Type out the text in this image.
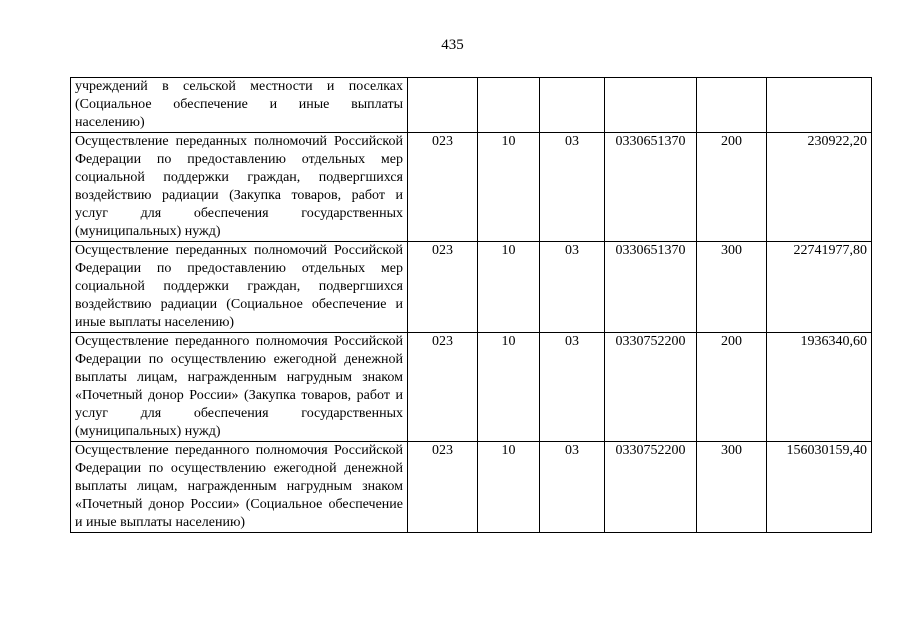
435
учреждений в сельской местности и поселках (Социальное обеспечение и иные выплаты населению)						
Осуществление переданных полномочий Российской Федерации по предоставлению отдельных мер социальной поддержки граждан, подвергшихся воздействию радиации (Закупка товаров, работ и услуг для обеспечения государственных (муниципальных) нужд)	023	10	03	0330651370	200	230922,20
Осуществление переданных полномочий Российской Федерации по предоставлению отдельных мер социальной поддержки граждан, подвергшихся воздействию радиации (Социальное обеспечение и иные выплаты населению)	023	10	03	0330651370	300	22741977,80
Осуществление переданного полномочия Российской Федерации по осуществлению ежегодной денежной выплаты лицам, награжденным нагрудным знаком «Почетный донор России» (Закупка товаров, работ и услуг для обеспечения государственных (муниципальных) нужд)	023	10	03	0330752200	200	1936340,60
Осуществление переданного полномочия Российской Федерации по осуществлению ежегодной денежной выплаты лицам, награжденным нагрудным знаком «Почетный донор России» (Социальное обеспечение и иные выплаты населению)	023	10	03	0330752200	300	156030159,40
